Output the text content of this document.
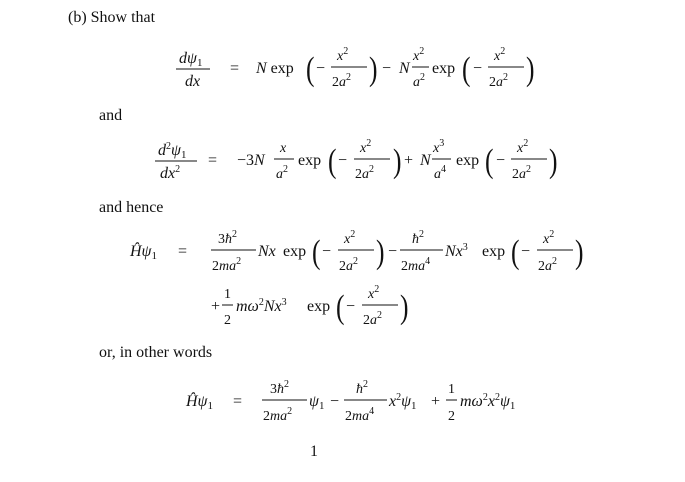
(b) Show that
and
and hence
or, in other words
1
dψ1
dx
= N exp ( −
$x^2$
$2a^2$ ) − N
$x^2$
$a^2$
exp ( −
$x^2$
$2a^2$ )
$d^2\psi 1$
$dx^2$
= −3N
x
$a^2$
exp ( −
$x^2$
$2a^2$ ) + N
$x^3$
$a^4$
exp ( −
$x^2$
$2a^2$ )
Ĥψ1 =
$3ħ^2$
$2ma^2$
Nx exp ( −
$x^2$
$2a^2$ ) −
$ħ^2$
$2ma^4$
Nx$^3$ exp ( −
$x^2$
$2a^2$ )
+
1
2
$m\omega^2Nx^3$ exp ( −
$x^2$
$2a^2$ )
Ĥψ1 =
$3ħ^2$
$2ma^2$
ψ1 −
$ħ^2$
$2ma^4$
$x^2\psi 1$ +
1
2
$m\omega^2x^2\psi 1$
